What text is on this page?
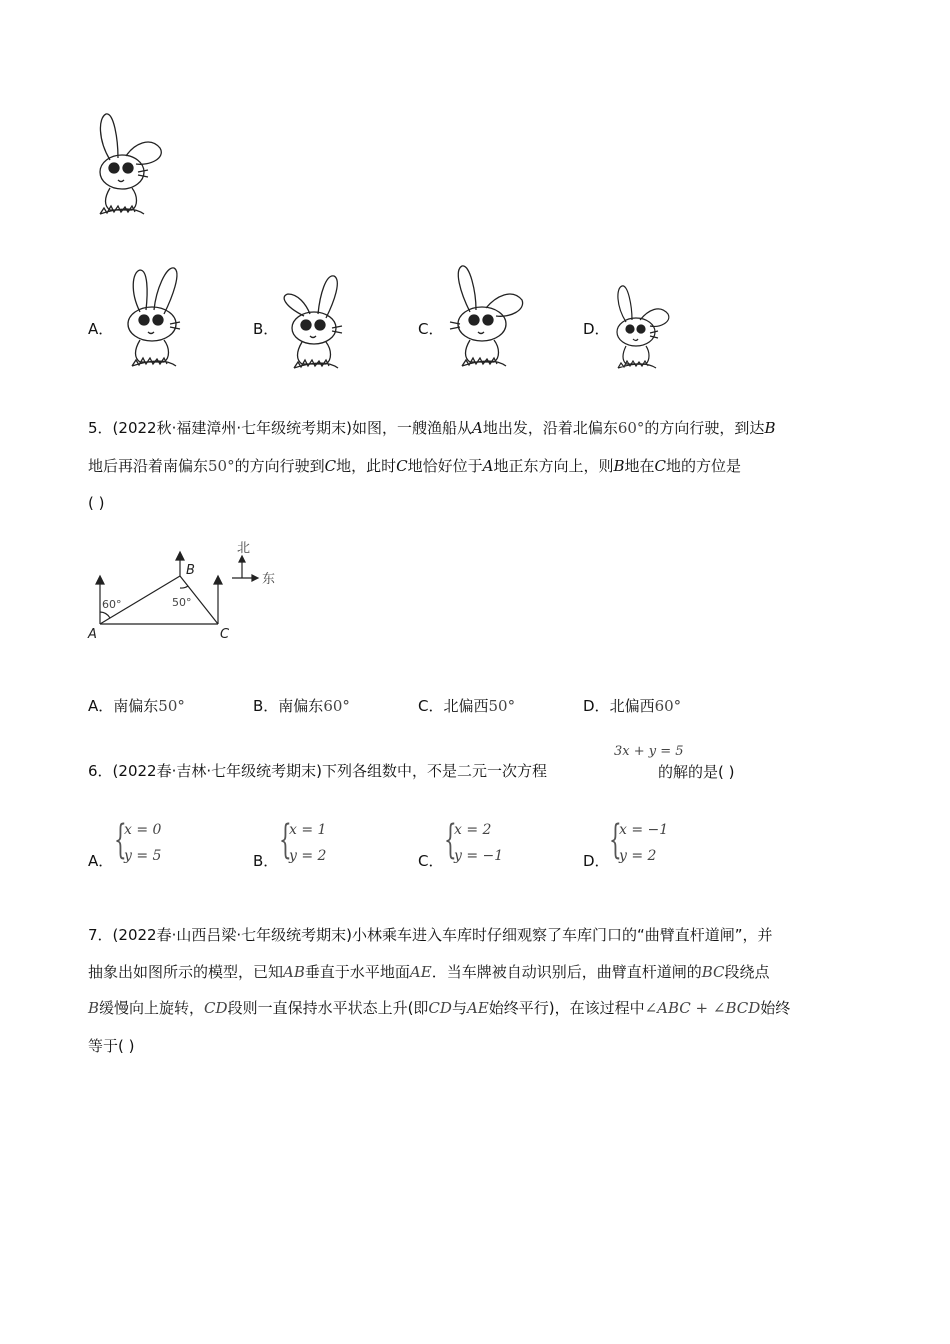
A．	B．	C．	D．
5．(2022秋·福建漳州·七年级统考期末)如图，一艘渔船从A地出发，沿着北偏东60°的方向行驶，到达B
地后再沿着南偏东50°的方向行驶到C地，此时C地恰好位于A地正东方向上，则B地在C地的方位是
( )
A
B
C
60°	50°
北
东
A．南偏东50°	B．南偏东60°	C．北偏西50°	D．北偏西60°
6．(2022春·吉林·七年级统考期末)下列各组数中，不是二元一次方程
3x + y = 5
的解的是( )
A． {
x = 0
y = 5	B． {
x = 1
y = 2	C． {
x = 2
y = −1	D． {
x = −1
y = 2
7．(2022春·山西吕梁·七年级统考期末)小林乘车进入车库时仔细观察了车库门口的“曲臂直杆道闸”，并
抽象出如图所示的模型，已知AB垂直于水平地面AE．当车牌被自动识别后，曲臂直杆道闸的BC段绕点
B缓慢向上旋转，CD段则一直保持水平状态上升(即CD与AE始终平行)，在该过程中∠ABC + ∠BCD始终
等于( )
